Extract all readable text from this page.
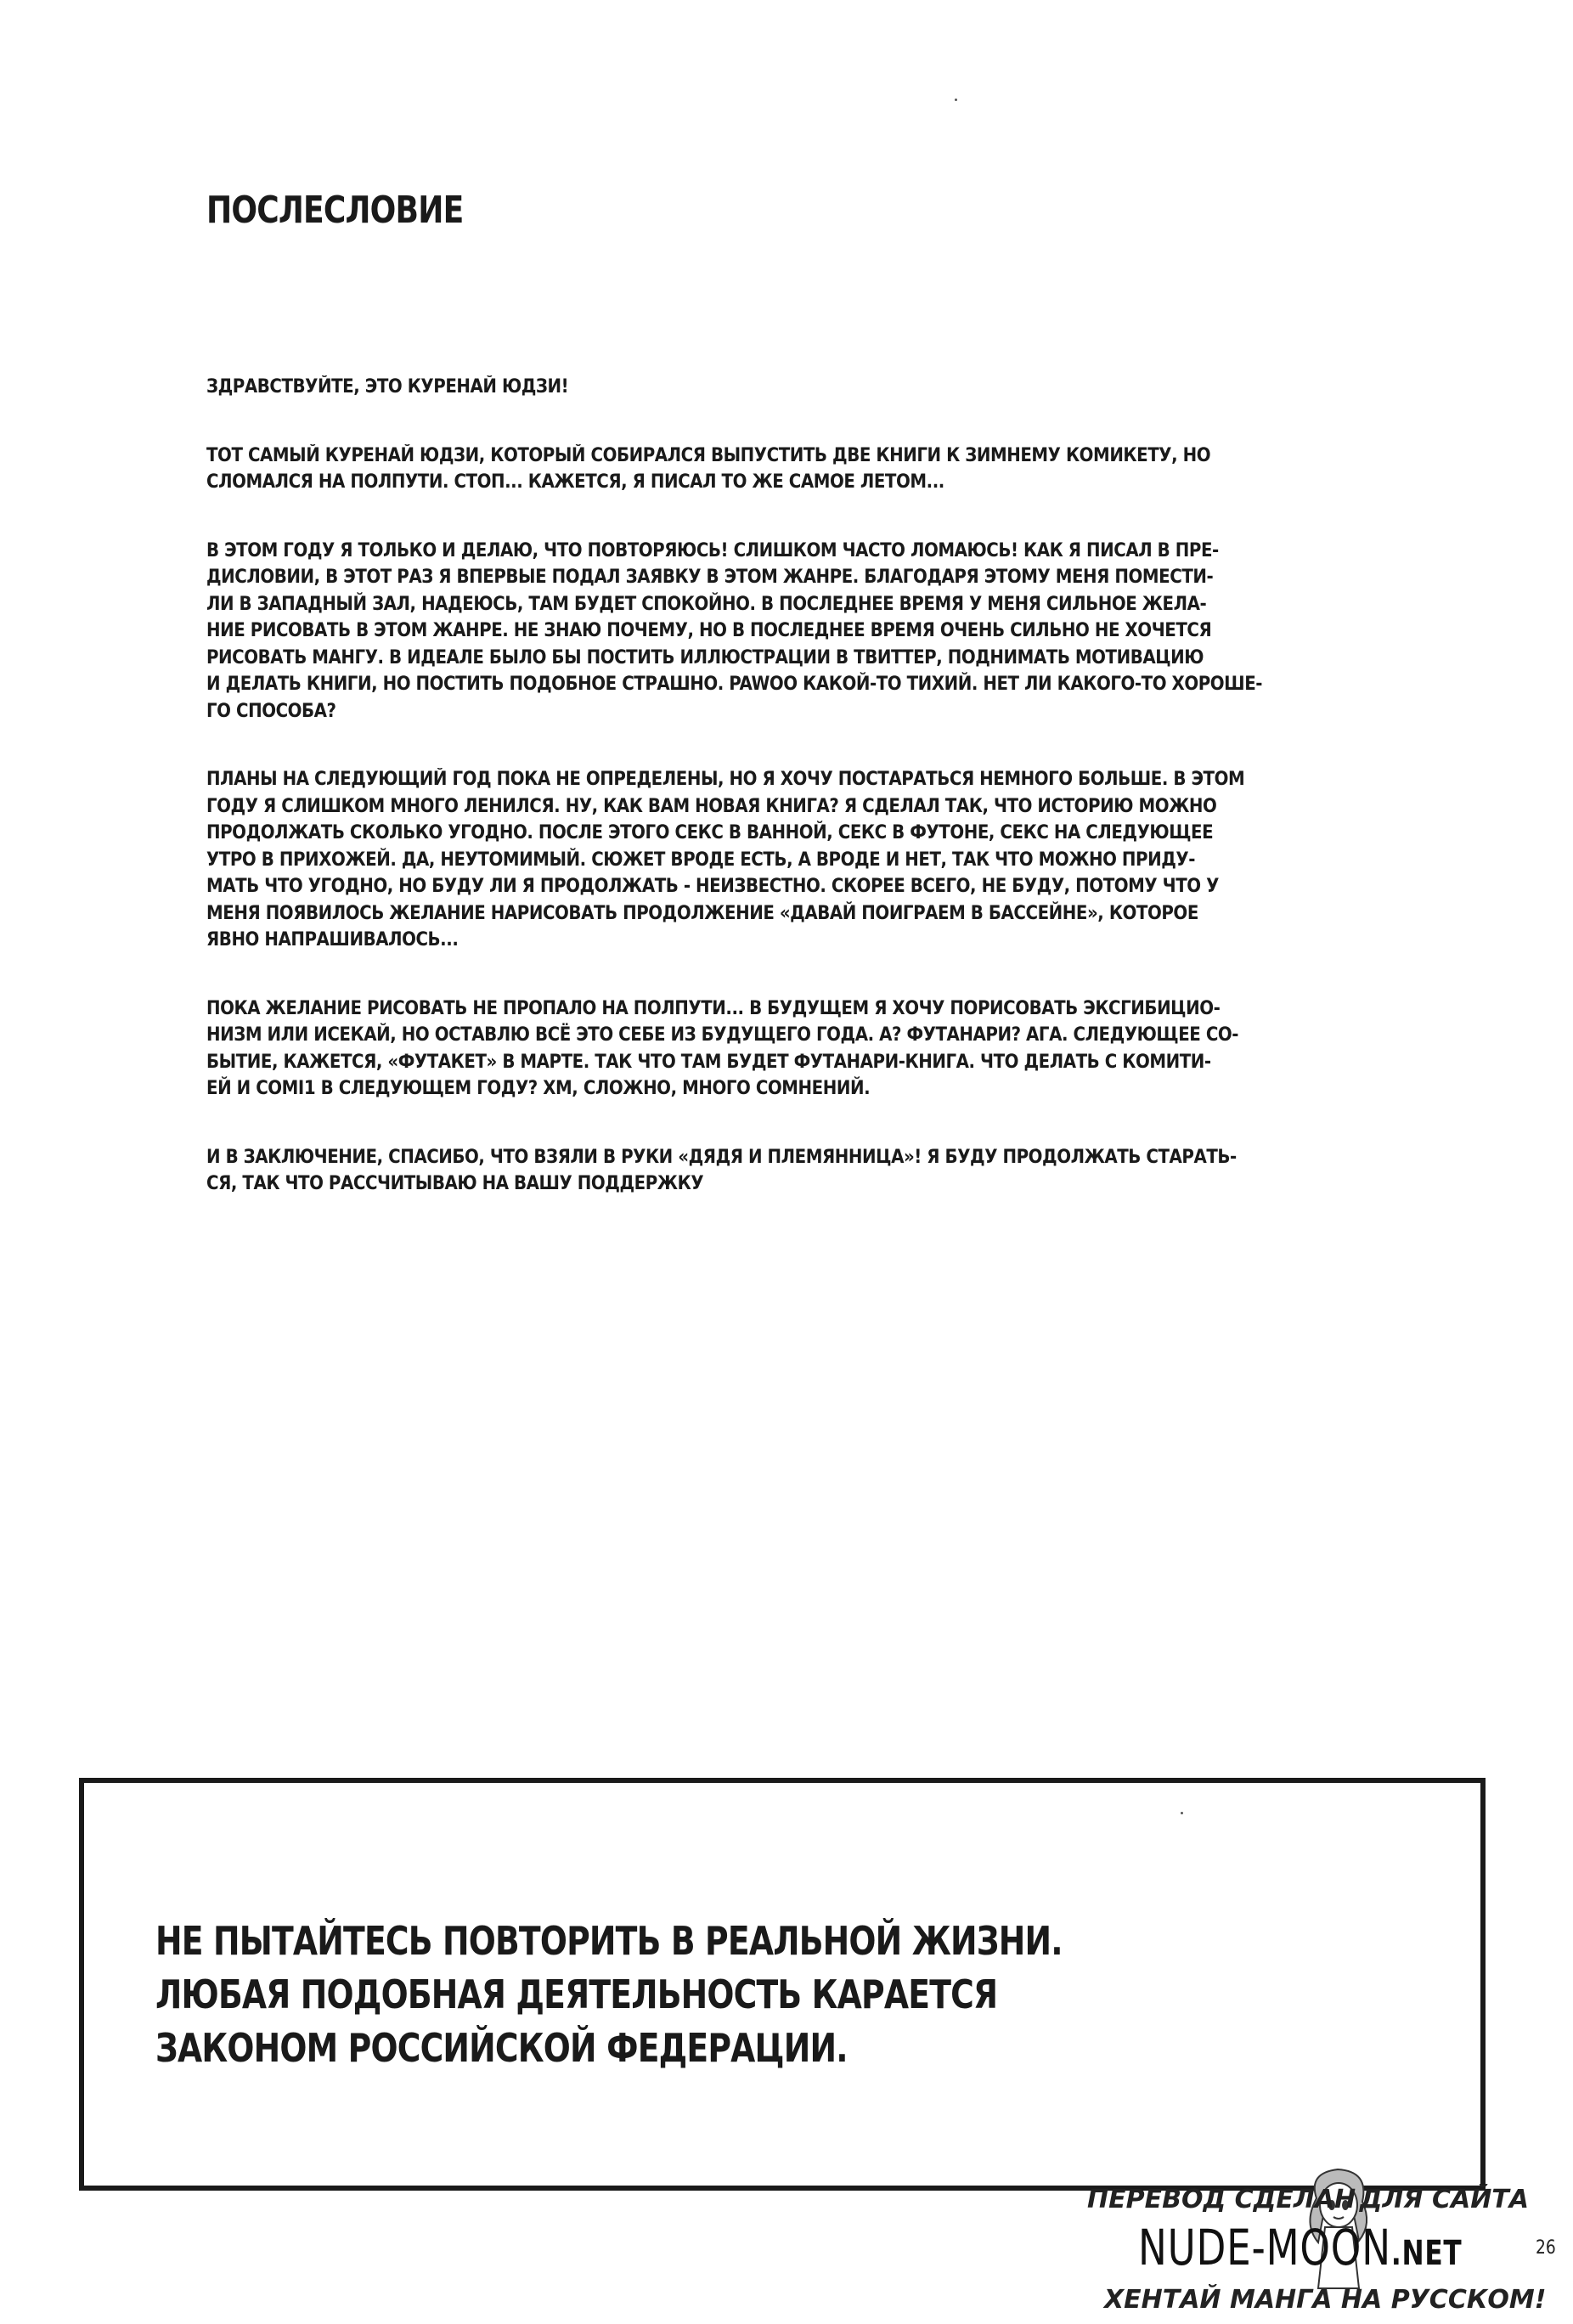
ПОСЛЕСЛОВИЕ

ЗДРАВСТВУЙТЕ, ЭТО КУРЕНАЙ ЮДЗИ!

ТОТ САМЫЙ КУРЕНАЙ ЮДЗИ, КОТОРЫЙ СОБИРАЛСЯ ВЫПУСТИТЬ ДВЕ КНИГИ К ЗИМНЕМУ КОМИКЕТУ, НО
СЛОМАЛСЯ НА ПОЛПУТИ. СТОП... КАЖЕТСЯ, Я ПИСАЛ ТО ЖЕ САМОЕ ЛЕТОМ...

В ЭТОМ ГОДУ Я ТОЛЬКО И ДЕЛАЮ, ЧТО ПОВТОРЯЮСЬ! СЛИШКОМ ЧАСТО ЛОМАЮСЬ! КАК Я ПИСАЛ В ПРЕ-
ДИСЛОВИИ, В ЭТОТ РАЗ Я ВПЕРВЫЕ ПОДАЛ ЗАЯВКУ В ЭТОМ ЖАНРЕ. БЛАГОДАРЯ ЭТОМУ МЕНЯ ПОМЕСТИ-
ЛИ В ЗАПАДНЫЙ ЗАЛ, НАДЕЮСЬ, ТАМ БУДЕТ СПОКОЙНО. В ПОСЛЕДНЕЕ ВРЕМЯ У МЕНЯ СИЛЬНОЕ ЖЕЛА-
НИЕ РИСОВАТЬ В ЭТОМ ЖАНРЕ. НЕ ЗНАЮ ПОЧЕМУ, НО В ПОСЛЕДНЕЕ ВРЕМЯ ОЧЕНЬ СИЛЬНО НЕ ХОЧЕТСЯ
РИСОВАТЬ МАНГУ. В ИДЕАЛЕ БЫЛО БЫ ПОСТИТЬ ИЛЛЮСТРАЦИИ В ТВИТТЕР, ПОДНИМАТЬ МОТИВАЦИЮ
И ДЕЛАТЬ КНИГИ, НО ПОСТИТЬ ПОДОБНОЕ СТРАШНО. PAWOO КАКОЙ-ТО ТИХИЙ. НЕТ ЛИ КАКОГО-ТО ХОРОШЕ-
ГО СПОСОБА?

ПЛАНЫ НА СЛЕДУЮЩИЙ ГОД ПОКА НЕ ОПРЕДЕЛЕНЫ, НО Я ХОЧУ ПОСТАРАТЬСЯ НЕМНОГО БОЛЬШЕ. В ЭТОМ
ГОДУ Я СЛИШКОМ МНОГО ЛЕНИЛСЯ. НУ, КАК ВАМ НОВАЯ КНИГА? Я СДЕЛАЛ ТАК, ЧТО ИСТОРИЮ МОЖНО
ПРОДОЛЖАТЬ СКОЛЬКО УГОДНО. ПОСЛЕ ЭТОГО СЕКС В ВАННОЙ, СЕКС В ФУТОНЕ, СЕКС НА СЛЕДУЮЩЕЕ
УТРО В ПРИХОЖЕЙ. ДА, НЕУТОМИМЫЙ. СЮЖЕТ ВРОДЕ ЕСТЬ, А ВРОДЕ И НЕТ, ТАК ЧТО МОЖНО ПРИДУ-
МАТЬ ЧТО УГОДНО, НО БУДУ ЛИ Я ПРОДОЛЖАТЬ - НЕИЗВЕСТНО. СКОРЕЕ ВСЕГО, НЕ БУДУ, ПОТОМУ ЧТО У
МЕНЯ ПОЯВИЛОСЬ ЖЕЛАНИЕ НАРИСОВАТЬ ПРОДОЛЖЕНИЕ «ДАВАЙ ПОИГРАЕМ В БАССЕЙНЕ», КОТОРОЕ
ЯВНО НАПРАШИВАЛОСЬ...

ПОКА ЖЕЛАНИЕ РИСОВАТЬ НЕ ПРОПАЛО НА ПОЛПУТИ... В БУДУЩЕМ Я ХОЧУ ПОРИСОВАТЬ ЭКСГИБИЦИО-
НИЗМ ИЛИ ИСЕКАЙ, НО ОСТАВЛЮ ВСЁ ЭТО СЕБЕ ИЗ БУДУЩЕГО ГОДА. А? ФУТАНАРИ? АГА. СЛЕДУЮЩЕЕ СО-
БЫТИЕ, КАЖЕТСЯ, «ФУТАКЕТ» В МАРТЕ. ТАК ЧТО ТАМ БУДЕТ ФУТАНАРИ-КНИГА. ЧТО ДЕЛАТЬ С КОМИТИ-
ЕЙ И COMI1 В СЛЕДУЮЩЕМ ГОДУ? ХМ, СЛОЖНО, МНОГО СОМНЕНИЙ.

И В ЗАКЛЮЧЕНИЕ, СПАСИБО, ЧТО ВЗЯЛИ В РУКИ «ДЯДЯ И ПЛЕМЯННИЦА»! Я БУДУ ПРОДОЛЖАТЬ СТАРАТЬ-
СЯ, ТАК ЧТО РАССЧИТЫВАЮ НА ВАШУ ПОДДЕРЖКУ

НЕ ПЫТАЙТЕСЬ ПОВТОРИТЬ В РЕАЛЬНОЙ ЖИЗНИ.
ЛЮБАЯ ПОДОБНАЯ ДЕЯТЕЛЬНОСТЬ КАРАЕТСЯ
ЗАКОНОМ РОССИЙСКОЙ ФЕДЕРАЦИИ.

ПЕРЕВОД СДЕЛАН ДЛЯ САЙТА
NUDE-MOON.NET
ХЕНТАЙ МАНГА НА РУССКОМ!

26
